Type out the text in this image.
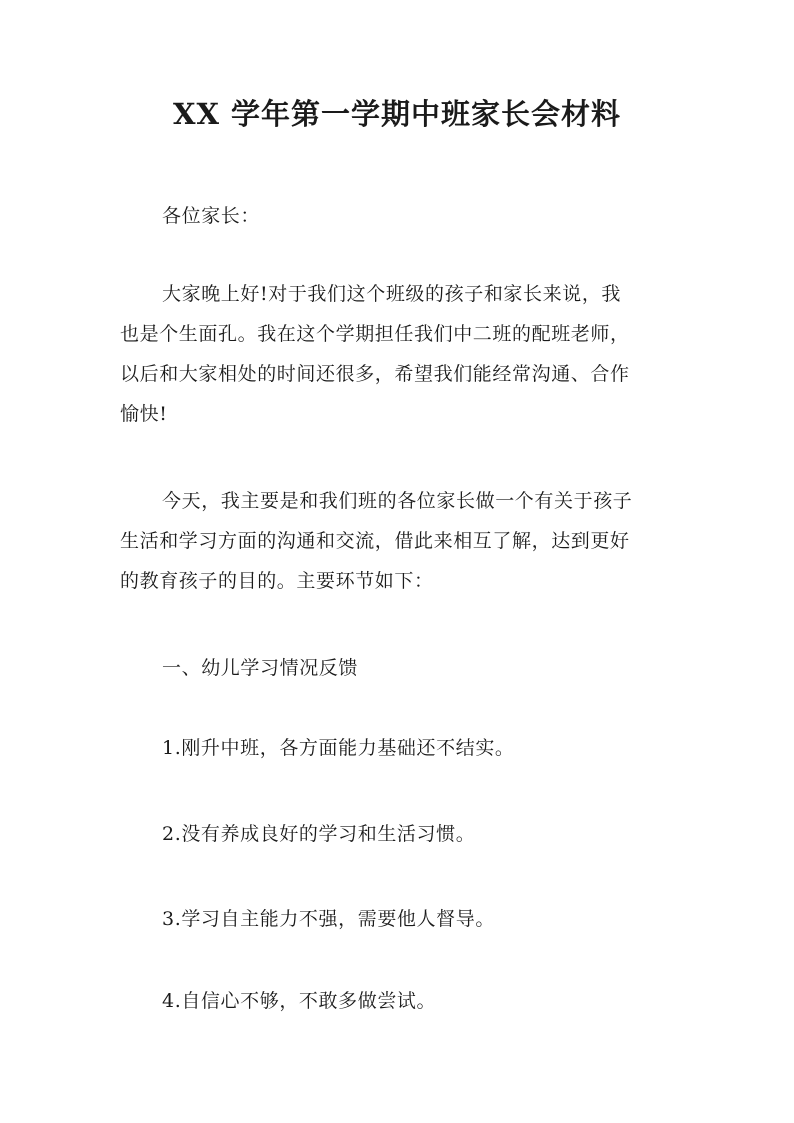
XX 学年第一学期中班家长会材料

各位家长：

大家晚上好!对于我们这个班级的孩子和家长来说，我
也是个生面孔。我在这个学期担任我们中二班的配班老师，
以后和大家相处的时间还很多，希望我们能经常沟通、合作
愉快!

今天，我主要是和我们班的各位家长做一个有关于孩子
生活和学习方面的沟通和交流，借此来相互了解，达到更好
的教育孩子的目的。主要环节如下：

一、幼儿学习情况反馈

1.刚升中班，各方面能力基础还不结实。

2.没有养成良好的学习和生活习惯。

3.学习自主能力不强，需要他人督导。

4.自信心不够，不敢多做尝试。
